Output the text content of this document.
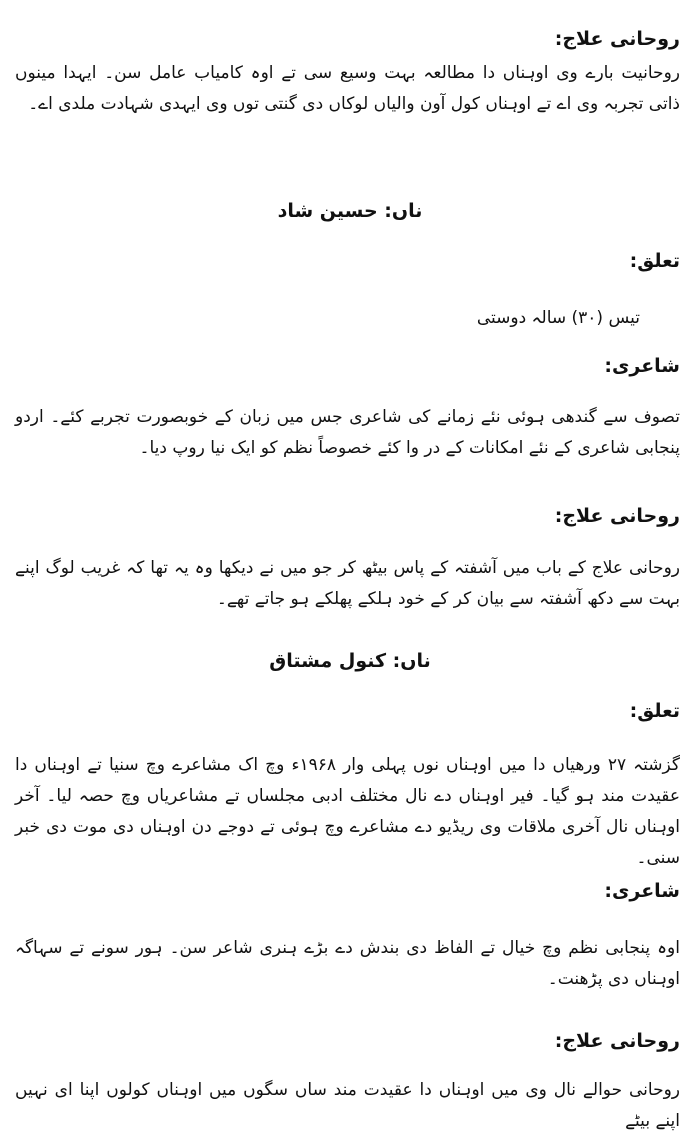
روحانی علاج:
روحانیت بارے وی اوہناں دا مطالعہ بہت وسیع سی تے اوہ کامیاب عامل سن۔ ایہدا مینوں ذاتی تجربہ وی اے تے اوہناں کول آون والیاں لوکاں دی گنتی توں وی ایہدی شہادت ملدی اے۔
ناں: حسین شاد
تعلق:
تیس (۳۰) سالہ دوستی
شاعری:
تصوف سے گندھی ہوئی نئے زمانے کی شاعری جس میں زبان کے خوبصورت تجربے کئے۔ اردو پنجابی شاعری کے نئے امکانات کے در وا کئے خصوصاً نظم کو ایک نیا روپ دیا۔
روحانی علاج:
روحانی علاج کے باب میں آشفتہ کے پاس بیٹھ کر جو میں نے دیکھا وہ یہ تھا کہ غریب لوگ اپنے بہت سے دکھ آشفتہ سے بیان کر کے خود ہلکے پھلکے ہو جاتے تھے۔
ناں: کنول مشتاق
تعلق:
گزشتہ ۲۷ ورھیاں دا میں اوہناں نوں پہلی وار ۱۹۶۸ء وچ اک مشاعرے وچ سنیا تے اوہناں دا عقیدت مند ہو گیا۔ فیر اوہناں دے نال مختلف ادبی مجلساں تے مشاعریاں وچ حصہ لیا۔ آخر اوہناں نال آخری ملاقات وی ریڈیو دے مشاعرے وچ ہوئی تے دوجے دن اوہناں دی موت دی خبر سنی۔
شاعری:
اوہ پنجابی نظم وچ خیال تے الفاظ دی بندش دے بڑے ہنری شاعر سن۔ ہور سونے تے سہاگہ اوہناں دی پڑھنت۔
روحانی علاج:
روحانی حوالے نال وی میں اوہناں دا عقیدت مند ساں سگوں میں اوہناں کولوں اپنا ای نہیں اپنے بیٹے
